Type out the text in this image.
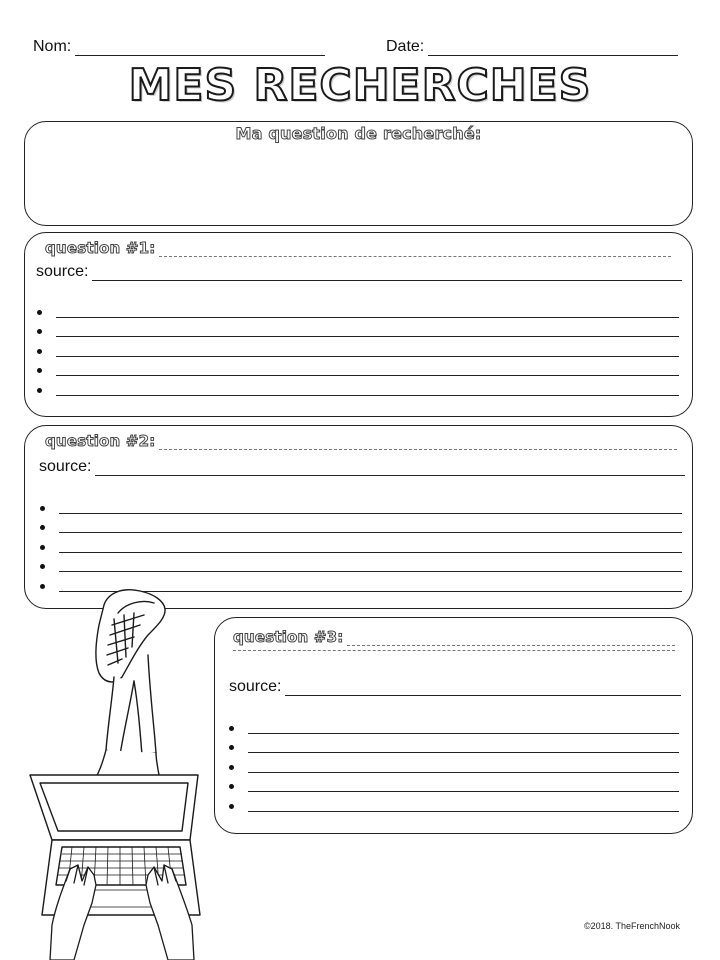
Nom:	Date:
MES RECHERCHES
Ma question de recherché:
question #1:
source:
question #2:
source:
question #3:
source:
©2018. TheFrenchNook
